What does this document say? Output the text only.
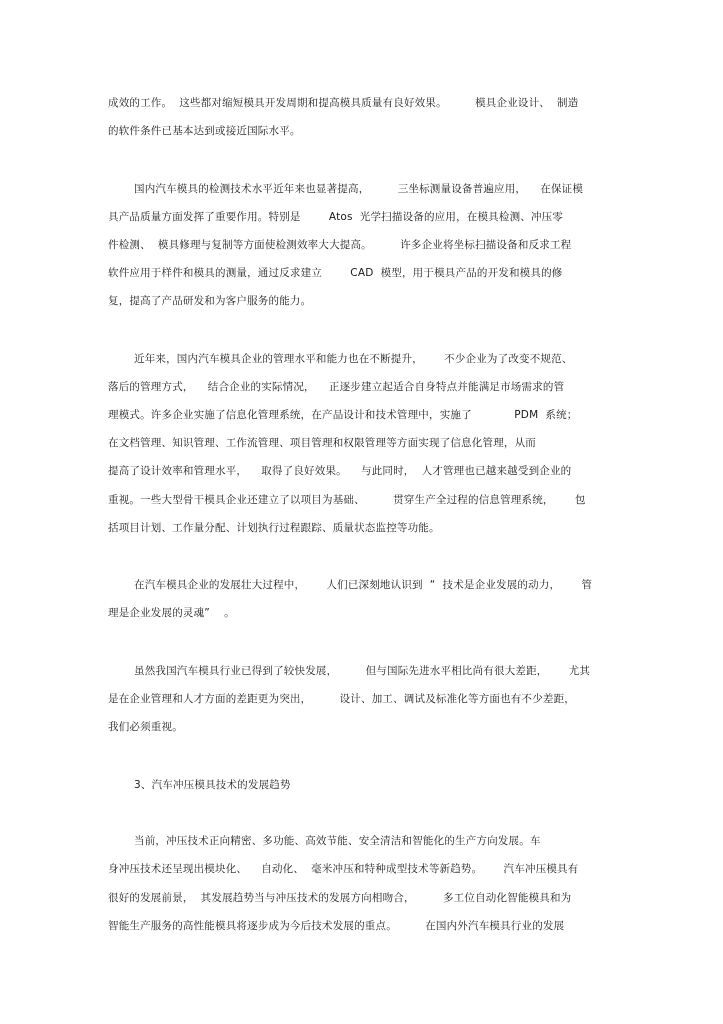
成效的工作。  这些都对缩短模具开发周期和提高模具质量有良好效果。        模具企业设计、  制造
的软件条件已基本达到或接近国际水平。
国内汽车模具的检测技术水平近年来也显著提高，        三坐标测量设备普遍应用，    在保证模
具产品质量方面发挥了重要作用。特别是        Atos  光学扫描设备的应用，在模具检测、冲压零
件检测、  模具修理与复制等方面使检测效率大大提高。        许多企业将坐标扫描设备和反求工程
软件应用于样件和模具的测量，通过反求建立        CAD  模型，用于模具产品的开发和模具的修
复，提高了产品研发和为客户服务的能力。
近年来，国内汽车模具企业的管理水平和能力也在不断提升，      不少企业为了改变不规范、
落后的管理方式，    结合企业的实际情况，    正逐步建立起适合自身特点并能满足市场需求的管
理模式。许多企业实施了信息化管理系统，在产品设计和技术管理中，实施了            PDM  系统；
在文档管理、知识管理、工作流管理、项目管理和权限管理等方面实现了信息化管理，从而
提高了设计效率和管理水平，    取得了良好效果。    与此同时，  人才管理也已越来越受到企业的
重视。一些大型骨干模具企业还建立了以项目为基础、        贯穿生产全过程的信息管理系统，      包
括项目计划、工作量分配、计划执行过程跟踪、质量状态监控等功能。
在汽车模具企业的发展壮大过程中，      人们已深刻地认识到  “  技术是企业发展的动力，      管
理是企业发展的灵魂”    。
虽然我国汽车模具行业已得到了较快发展，        但与国际先进水平相比尚有很大差距，      尤其
是在企业管理和人才方面的差距更为突出，        设计、加工、调试及标准化等方面也有不少差距，
我们必须重视。
3、汽车冲压模具技术的发展趋势
当前，冲压技术正向精密、多功能、高效节能、安全清洁和智能化的生产方向发展。车
身冲压技术还呈现出模块化、    自动化、  毫米冲压和特种成型技术等新趋势。      汽车冲压模具有
很好的发展前景，  其发展趋势当与冲压技术的发展方向相吻合，        多工位自动化智能模具和为
智能生产服务的高性能模具将逐步成为今后技术发展的重点。        在国内外汽车模具行业的发展
